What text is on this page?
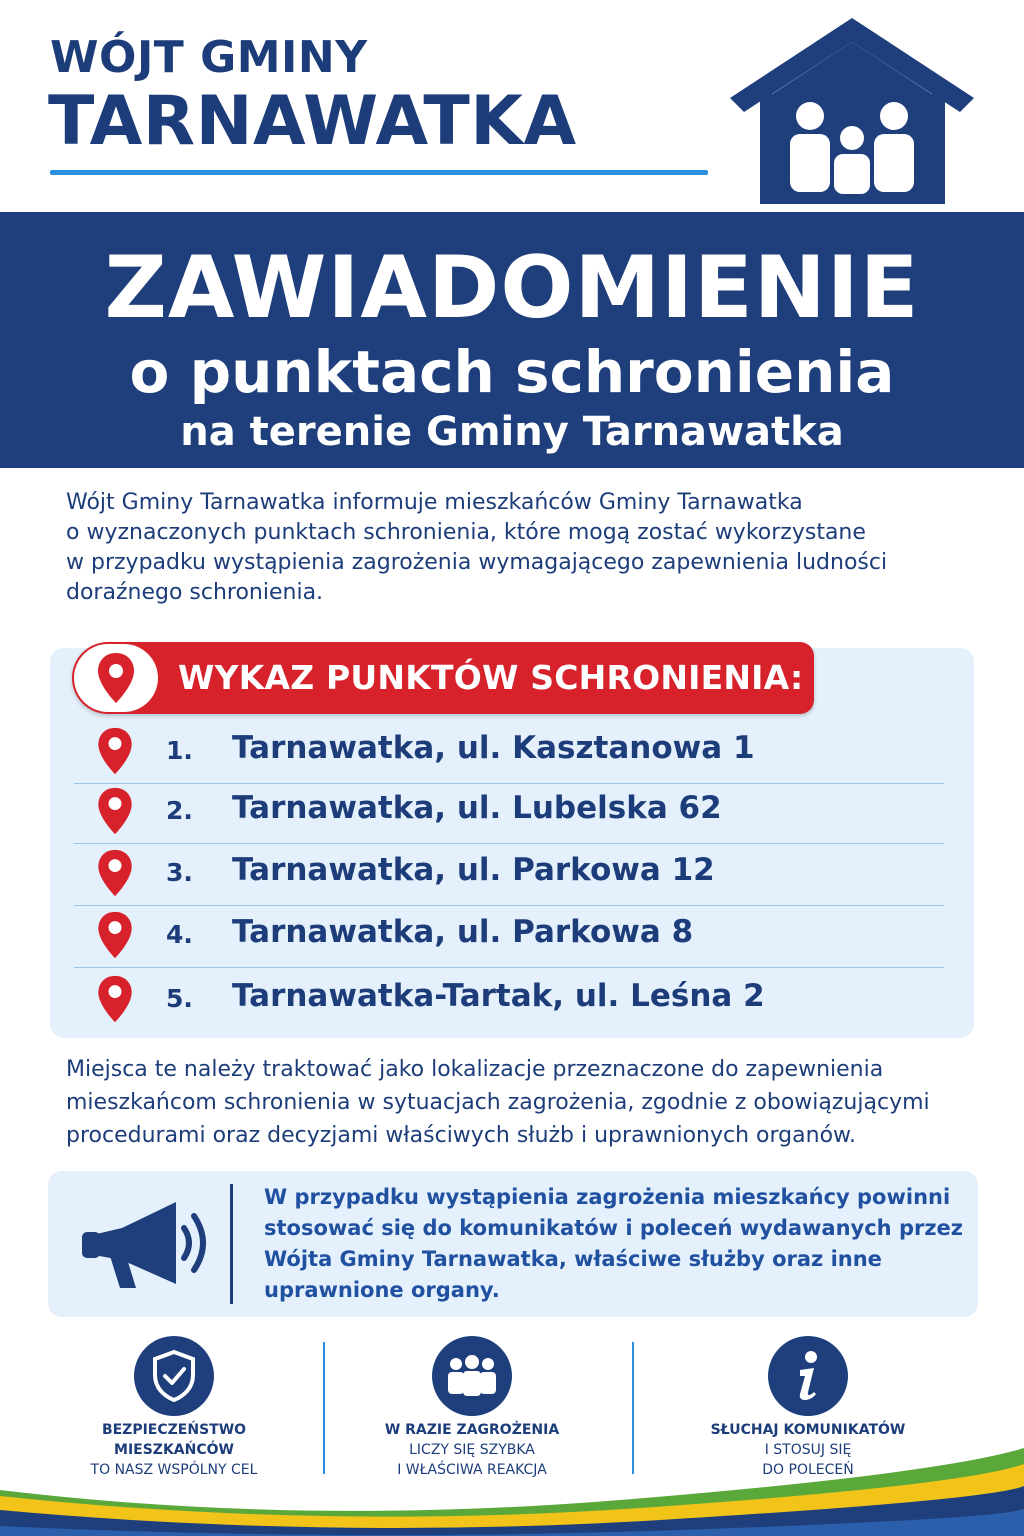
WÓJT GMINY
TARNAWATKA
ZAWIADOMIENIE
o punktach schronienia
na terenie Gminy Tarnawatka
Wójt Gminy Tarnawatka informuje mieszkańców Gminy Tarnawatka
o wyznaczonych punktach schronienia, które mogą zostać wykorzystane
w przypadku wystąpienia zagrożenia wymagającego zapewnienia ludności
doraźnego schronienia.
WYKAZ PUNKTÓW SCHRONIENIA:
1. Tarnawatka, ul. Kasztanowa 1
2. Tarnawatka, ul. Lubelska 62
3. Tarnawatka, ul. Parkowa 12
4. Tarnawatka, ul. Parkowa 8
5. Tarnawatka-Tartak, ul. Leśna 2
Miejsca te należy traktować jako lokalizacje przeznaczone do zapewnienia
mieszkańcom schronienia w sytuacjach zagrożenia, zgodnie z obowiązującymi
procedurami oraz decyzjami właściwych służb i uprawnionych organów.
W przypadku wystąpienia zagrożenia mieszkańcy powinni
stosować się do komunikatów i poleceń wydawanych przez
Wójta Gminy Tarnawatka, właściwe służby oraz inne
uprawnione organy.
BEZPIECZEŃSTWO
MIESZKAŃCÓW
TO NASZ WSPÓLNY CEL
W RAZIE ZAGROŻENIA
LICZY SIĘ SZYBKA
I WŁAŚCIWA REAKCJA
SŁUCHAJ KOMUNIKATÓW
I STOSUJ SIĘ
DO POLECEŃ
